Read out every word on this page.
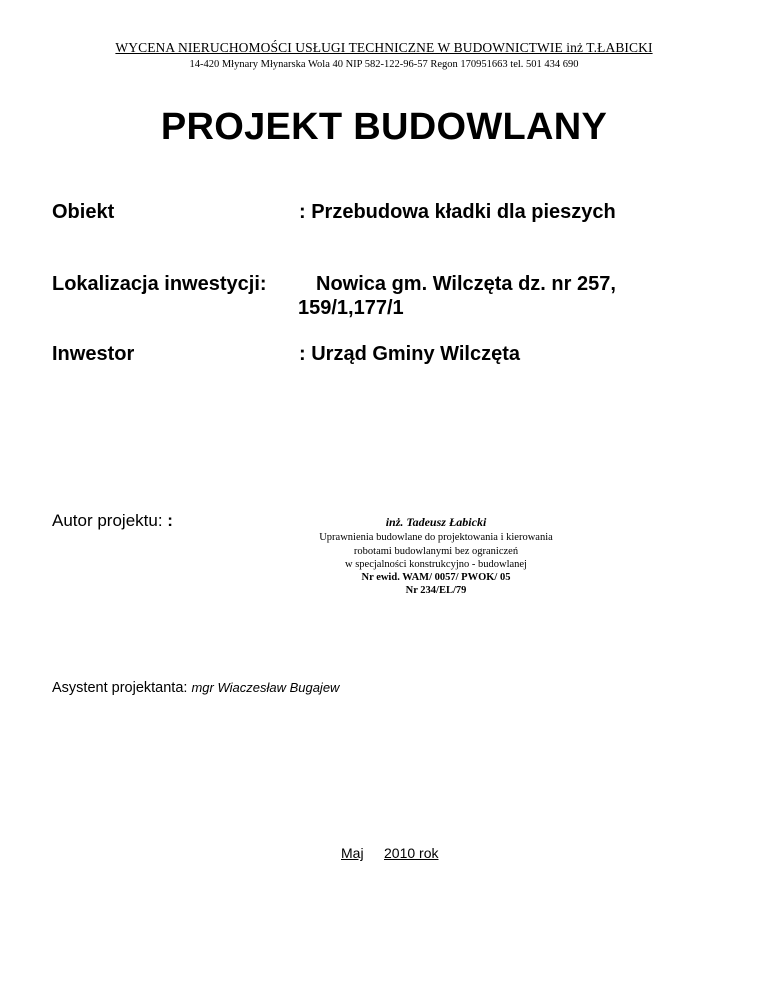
WYCENA NIERUCHOMOŚCI USŁUGI TECHNICZNE W BUDOWNICTWIE inż T.ŁABICKI
14-420 Młynary Młynarska Wola 40 NIP 582-122-96-57 Regon 170951663 tel. 501 434 690
PROJEKT BUDOWLANY
Obiekt	: Przebudowa kładki dla pieszych
Lokalizacja inwestycji: Nowica gm. Wilczęta dz. nr 257,
159/1,177/1
Inwestor	: Urząd Gminy Wilczęta
Autor projektu: :	inż. Tadeusz Łabicki
Uprawnienia budowlane do projektowania i kierowania
robotami budowlanymi bez ograniczeń
w specjalności konstrukcyjno - budowlanej
Nr ewid. WAM/ 0057/ PWOK/ 05
Nr 234/EL/79
Asystent projektanta: mgr Wiaczesław Bugajew
Maj 2010 rok
